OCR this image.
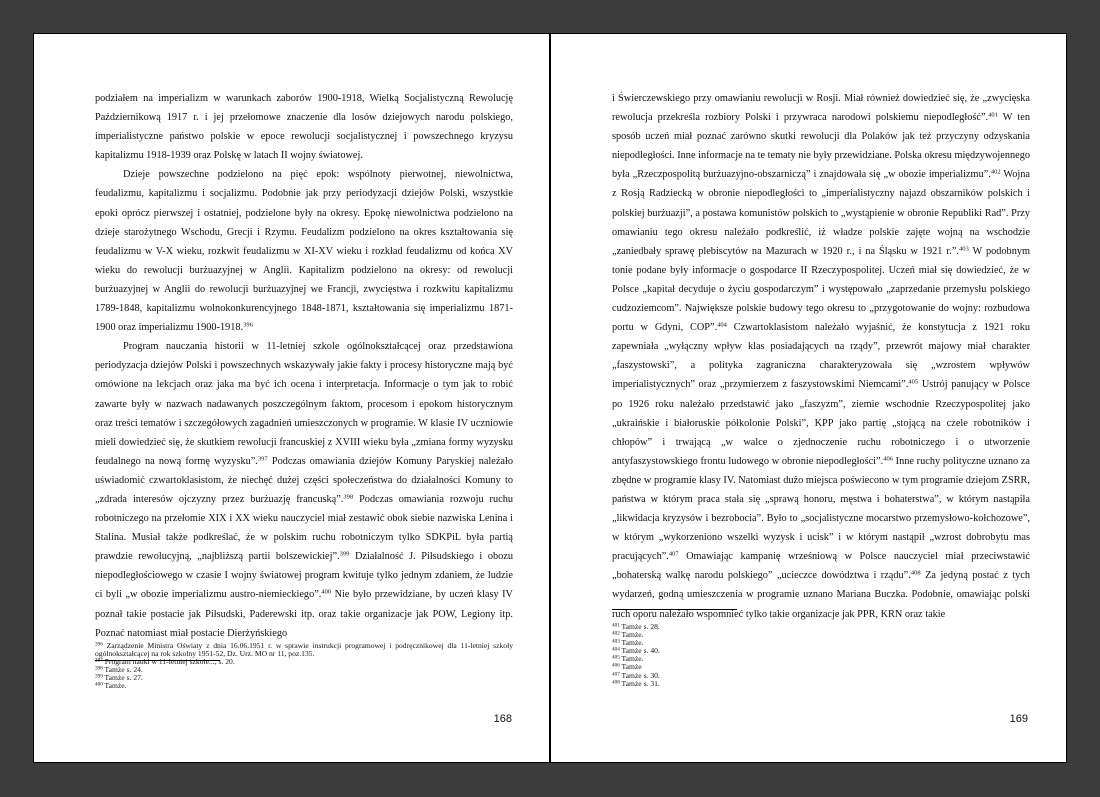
podziałem na imperializm w warunkach zaborów 1900-1918, Wielką Socjalistyczną Rewolucję Październikową 1917 r. i jej przełomowe znaczenie dla losów dziejowych narodu polskiego, imperialistyczne państwo polskie w epoce rewolucji socjalistycznej i powszechnego kryzysu kapitalizmu 1918-1939 oraz Polskę w latach II wojny światowej.

Dzieje powszechne podzielono na pięć epok: wspólnoty pierwotnej, niewolnictwa, feudalizmu, kapitalizmu i socjalizmu. Podobnie jak przy periodyzacji dziejów Polski, wszystkie epoki oprócz pierwszej i ostatniej, podzielone były na okresy. Epokę niewolnictwa podzielono na dzieje starożytnego Wschodu, Grecji i Rzymu. Feudalizm podzielono na okres kształtowania się feudalizmu w V-X wieku, rozkwit feudalizmu w XI-XV wieku i rozkład feudalizmu od końca XV wieku do rewolucji burżuazyjnej w Anglii. Kapitalizm podzielono na okresy: od rewolucji burżuazyjnej w Anglii do rewolucji burżuazyjnej we Francji, zwycięstwa i rozkwitu kapitalizmu 1789-1848, kapitalizmu wolnokonkurencyjnego 1848-1871, kształtowania się imperializmu 1871-1900 oraz imperializmu 1900-1918.$^{396}$

Program nauczania historii w 11-letniej szkole ogólnokształcącej oraz przedstawiona periodyzacja dziejów Polski i powszechnych wskazywały jakie fakty i procesy historyczne mają być omówione na lekcjach oraz jaka ma być ich ocena i interpretacja. Informacje o tym jak to robić zawarte były w nazwach nadawanych poszczególnym faktom, procesom i epokom historycznym oraz treści tematów i szczegółowych zagadnień umieszczonych w programie. W klasie IV uczniowie mieli dowiedzieć się, że skutkiem rewolucji francuskiej z XVIII wieku była „zmiana formy wyzysku feudalnego na nową formę wyzysku”.$^{397}$ Podczas omawiania dziejów Komuny Paryskiej należało uświadomić czwartoklasistom, że niechęć dużej części społeczeństwa do działalności Komuny to „zdrada interesów ojczyzny przez burżuazję francuską”.$^{398}$ Podczas omawiania rozwoju ruchu robotniczego na przełomie XIX i XX wieku nauczyciel miał zestawić obok siebie nazwiska Lenina i Stalina. Musiał także podkreślać, że w polskim ruchu robotniczym tylko SDKPiL była partią prawdzie rewolucyjną, „najbliższą partii bolszewickiej”.$^{399}$ Działalność J. Piłsudskiego i obozu niepodległościowego w czasie I wojny światowej program kwituje tylko jednym zdaniem, że ludzie ci byli „w obozie imperializmu austro-niemieckiego”.$^{400}$ Nie było przewidziane, by uczeń klasy IV poznał takie postacie jak Piłsudski, Paderewski itp. oraz takie organizacje jak POW, Legiony itp. Poznać natomiast miał postacie Dierżyńskiego

$^{396}$ Zarządzenie Ministra Oświaty z dnia 16.06.1951 r. w sprawie instrukcji programowej i podręcznikowej dla 11-letniej szkoły ogólnokształcącej na rok szkolny 1951-52, Dz. Urz. MO nr 11, poz.135.
$^{397}$ Program nauki w 11-letniej szkole..., s. 20.
$^{398}$ Tamże s. 24.
$^{399}$ Tamże s. 27.
$^{400}$ Tamże.
168

i Świerczewskiego przy omawianiu rewolucji w Rosji. Miał również dowiedzieć się, że „zwycięska rewolucja przekreśla rozbiory Polski i przywraca narodowi polskiemu niepodległość”.$^{401}$ W ten sposób uczeń miał poznać zarówno skutki rewolucji dla Polaków jak też przyczyny odzyskania niepodległości. Inne informacje na te tematy nie były przewidziane. Polska okresu międzywojennego była „Rzeczpospolitą burżuazyjno-obszarniczą” i znajdowała się „w obozie imperializmu”.$^{402}$ Wojna z Rosją Radziecką w obronie niepodległości to „imperialistyczny najazd obszarników polskich i polskiej burżuazji”, a postawa komunistów polskich to „wystąpienie w obronie Republiki Rad”. Przy omawianiu tego okresu należało podkreślić, iż władze polskie zajęte wojną na wschodzie „zaniedbały sprawę plebiscytów na Mazurach w 1920 r., i na Śląsku w 1921 r.”.$^{403}$ W podobnym tonie podane były informacje o gospodarce II Rzeczypospolitej. Uczeń miał się dowiedzieć, że w Polsce „kapitał decyduje o życiu gospodarczym” i występowało „zaprzedanie przemysłu polskiego cudzoziemcom”. Największe polskie budowy tego okresu to „przygotowanie do wojny: rozbudowa portu w Gdyni, COP”.$^{404}$ Czwartoklasistom należało wyjaśnić, że konstytucja z 1921 roku zapewniała „wyłączny wpływ klas posiadających na rządy”, przewrót majowy miał charakter „faszystowski”, a polityka zagraniczna charakteryzowała się „wzrostem wpływów imperialistycznych” oraz „przymierzem z faszystowskimi Niemcami”.$^{405}$ Ustrój panujący w Polsce po 1926 roku należało przedstawić jako „faszyzm”, ziemie wschodnie Rzeczypospolitej jako „ukraińskie i białoruskie półkolonie Polski”, KPP jako partię „stojącą na czele robotników i chłopów” i trwającą „w walce o zjednoczenie ruchu robotniczego i o utworzenie antyfaszystowskiego frontu ludowego w obronie niepodległości”.$^{406}$ Inne ruchy polityczne uznano za zbędne w programie klasy IV. Natomiast dużo miejsca poświecono w tym programie dziejom ZSRR, państwa w którym praca stała się „sprawą honoru, męstwa i bohaterstwa”, w którym nastąpiła „likwidacja kryzysów i bezrobocia”. Było to „socjalistyczne mocarstwo przemysłowo-kołchozowe”, w którym „wykorzeniono wszelki wyzysk i ucisk” i w którym nastąpił „wzrost dobrobytu mas pracujących”.$^{407}$ Omawiając kampanię wrześniową w Polsce nauczyciel miał przeciwstawić „bohaterską walkę narodu polskiego” „ucieczce dowództwa i rządu”.$^{408}$ Za jedyną postać z tych wydarzeń, godną umieszczenia w programie uznano Mariana Buczka. Podobnie, omawiając polski ruch oporu należało wspomnieć tylko takie organizacje jak PPR, KRN oraz takie

$^{401}$ Tamże s. 28.
$^{402}$ Tamże.
$^{403}$ Tamże.
$^{404}$ Tamże s. 40.
$^{405}$ Tamże.
$^{406}$ Tamże
$^{407}$ Tamże s. 30.
$^{408}$ Tamże s. 31.
169
